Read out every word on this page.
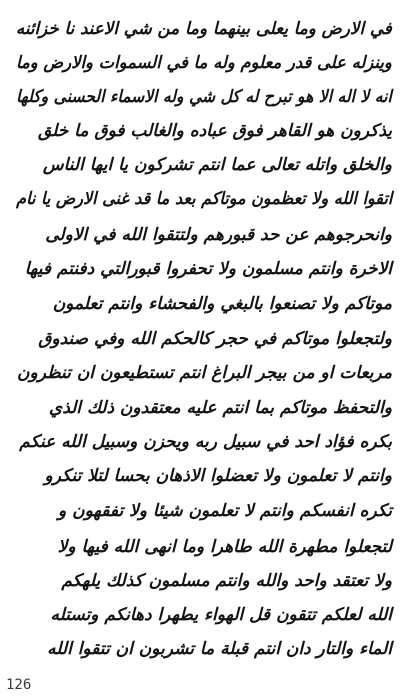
في الارض وما يعلى بينهما وما من شي الاعند نا خزائنه
وينزله على قدر معلوم وله ما في السموات والارض وما
انه لا اله الا هو تبرح له كل شي وله الاسماء الحسنى وكلها
يذكرون هو القاهر فوق عباده والغالب فوق ما خلق
والخلق واتله تعالى عما انتم تشركون يا ايها الناس
اتقوا الله ولا تعظمون موتاكم بعد ما قد غنى الارض يا نام
وانحرجوهم عن حد قبورهم ولتتقوا الله في الاولى
الاخرة وانتم مسلمون ولا تحفروا قبورالتي دفنتم فيها
موتاكم ولا تصنعوا بالبغي والفحشاء وانتم تعلمون
ولتجعلوا موتاكم في حجر كالحكم الله وفي صندوق
مربعات او من بيجر البراغ انتم تستطيعون ان تنظرون
والتحفظ موتاكم بما انتم عليه معتقدون ذلك الذي
بكره فؤاد احد في سبيل ربه ويحزن وسبيل الله عنكم
وانتم لا تعلمون ولا تعضلوا الاذهان بحسا لتلا تنكرو
تكره انفسكم وانتم لا تعلمون شيئا ولا تفقهون و
لتجعلوا مطهرة الله طاهرا وما انهى الله فيها ولا
ولا تعتقد واحد والله وانتم مسلمون كذلك يلهكم
الله لعلكم تتقون قل الهواء يطهرا دهانكم وتستله
الماء والتار دان انتم قبلة ما تشربون ان تتقوا الله
126
